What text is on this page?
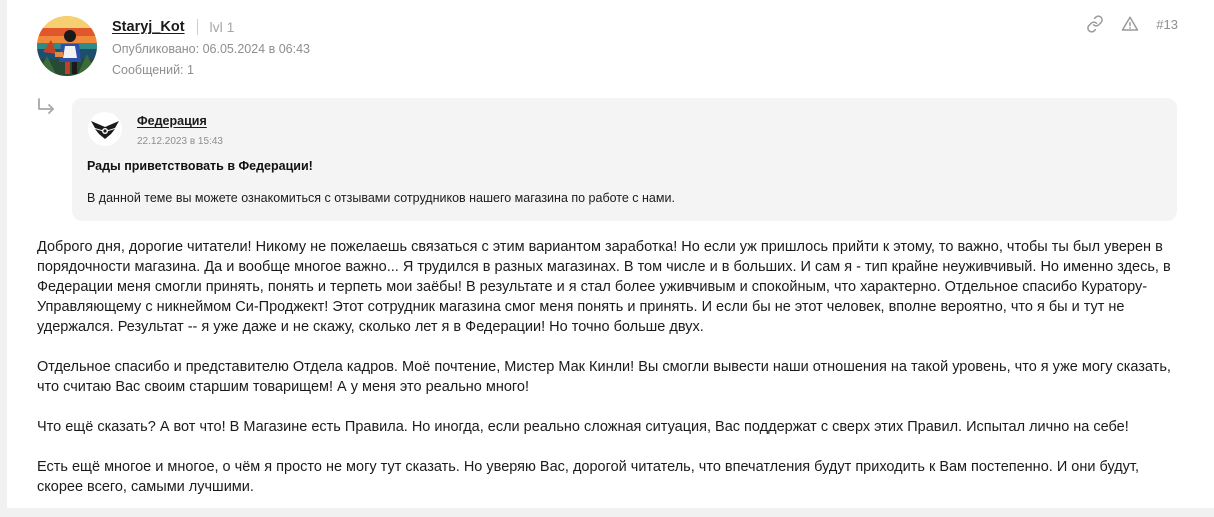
Staryj_Kot lvl 1
Опубликовано: 06.05.2024 в 06:43
Сообщений: 1
#13
Федерация
22.12.2023 в 15:43
Рады приветствовать в Федерации!
В данной теме вы можете ознакомиться с отзывами сотрудников нашего магазина по работе с нами.

Доброго дня, дорогие читатели! Никому не пожелаешь связаться с этим вариантом заработка! Но если уж пришлось прийти к этому, то важно, чтобы ты был уверен в порядочности магазина. Да и вообще многое важно... Я трудился в разных магазинах. В том числе и в больших. И сам я - тип крайне неуживчивый. Но именно здесь, в Федерации меня смогли принять, понять и терпеть мои заёбы! В результате и я стал более уживчивым и спокойным, что характерно. Отдельное спасибо Куратору-Управляющему с никнеймом Си-Проджект! Этот сотрудник магазина смог меня понять и принять. И если бы не этот человек, вполне вероятно, что я бы и тут не удержался. Результат -- я уже даже и не скажу, сколько лет я в Федерации! Но точно больше двух.

Отдельное спасибо и представителю Отдела кадров. Моё почтение, Мистер Мак Кинли! Вы смогли вывести наши отношения на такой уровень, что я уже могу сказать, что считаю Вас своим старшим товарищем! А у меня это реально много!

Что ещё сказать? А вот что! В Магазине есть Правила. Но иногда, если реально сложная ситуация, Вас поддержат с сверх этих Правил. Испытал лично на себе!

Есть ещё многое и многое, о чём я просто не могу тут сказать. Но уверяю Вас, дорогой читатель, что впечатления будут приходить к Вам постепенно. И они будут, скорее всего, самыми лучшими.
